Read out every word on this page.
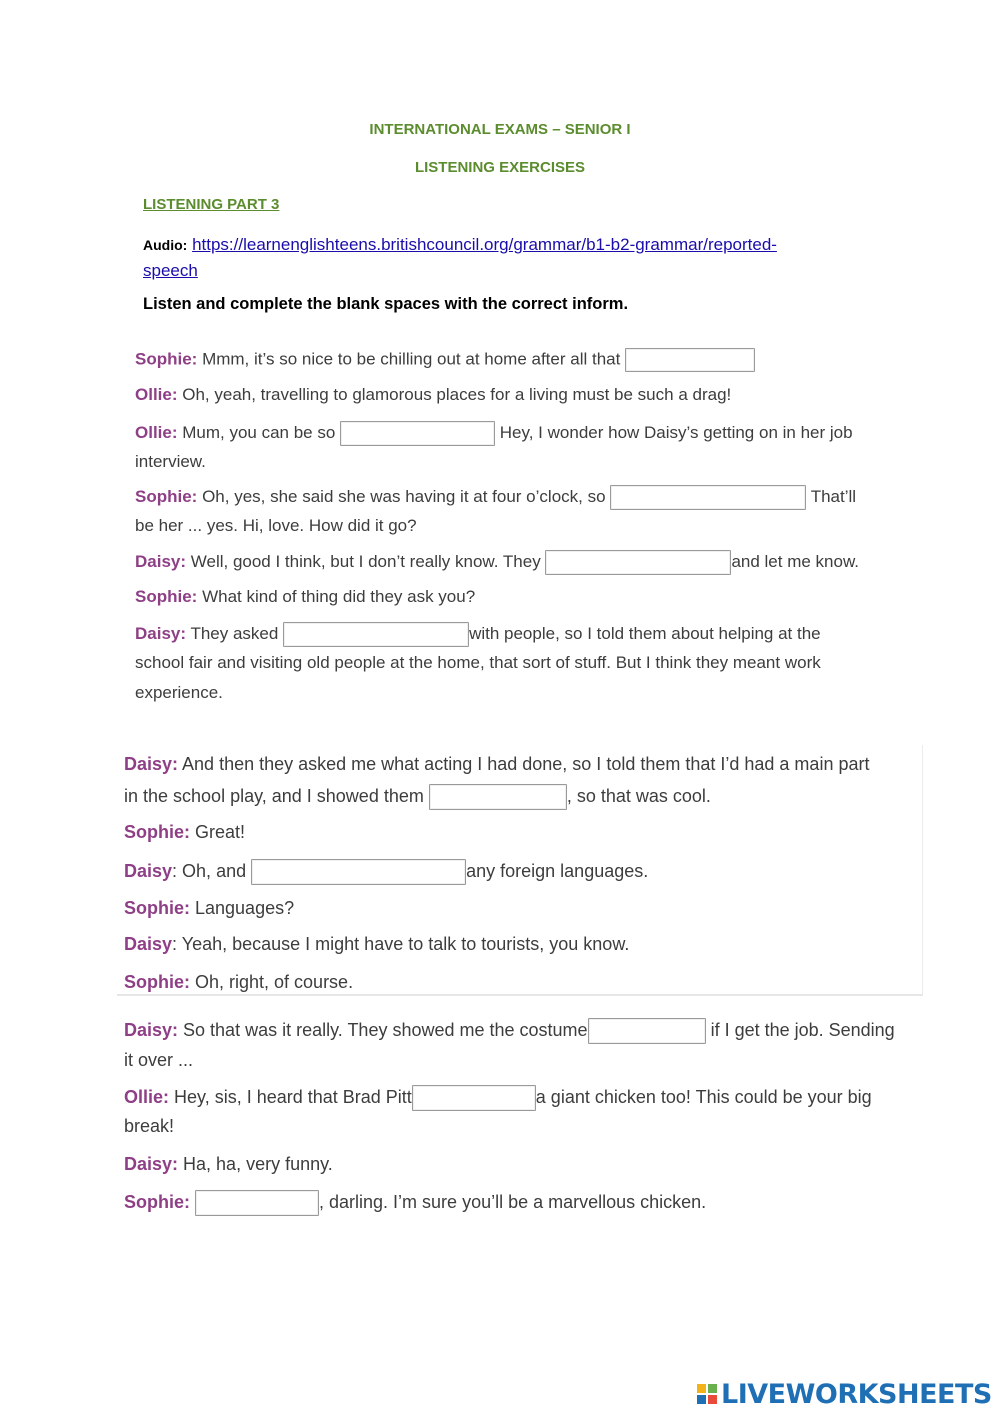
INTERNATIONAL EXAMS – SENIOR I
LISTENING EXERCISES
LISTENING PART 3
Audio: https://learnenglishteens.britishcouncil.org/grammar/b1-b2-grammar/reported-
speech
Listen and complete the blank spaces with the correct inform.
Sophie: Mmm, it’s so nice to be chilling out at home after all that
Ollie: Oh, yeah, travelling to glamorous places for a living must be such a drag!
Ollie: Mum, you can be so	Hey, I wonder how Daisy’s getting on in her job
interview.
Sophie: Oh, yes, she said she was having it at four o’clock, so	That’ll
be her ... yes. Hi, love. How did it go?
Daisy: Well, good I think, but I don’t really know. They	and let me know.
Sophie: What kind of thing did they ask you?
Daisy: They asked	with people, so I told them about helping at the
school fair and visiting old people at the home, that sort of stuff. But I think they meant work
experience.
Daisy: And then they asked me what acting I had done, so I told them that I’d had a main part
in the school play, and I showed them	, so that was cool.
Sophie: Great!
Daisy: Oh, and	any foreign languages.
Sophie: Languages?
Daisy: Yeah, because I might have to talk to tourists, you know.
Sophie: Oh, right, of course.
Daisy: So that was it really. They showed me the costume	if I get the job. Sending
it over ...
Ollie: Hey, sis, I heard that Brad Pitt	a giant chicken too! This could be your big
break!
Daisy: Ha, ha, very funny.
Sophie:	, darling. I’m sure you’ll be a marvellous chicken.
LIVEWORKSHEETS
